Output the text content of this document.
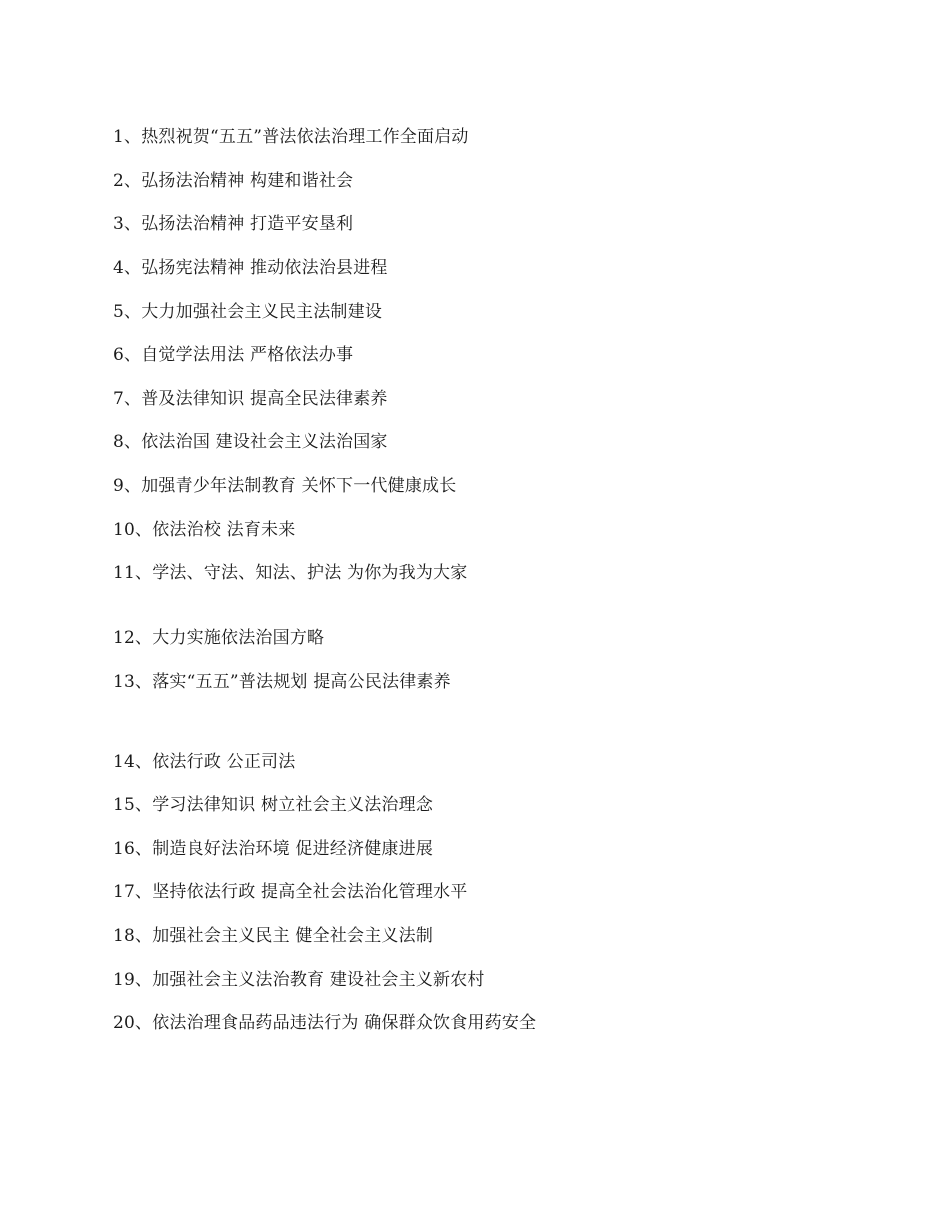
1、热烈祝贺“五五”普法依法治理工作全面启动
2、弘扬法治精神 构建和谐社会
3、弘扬法治精神 打造平安垦利
4、弘扬宪法精神 推动依法治县进程
5、大力加强社会主义民主法制建设
6、自觉学法用法 严格依法办事
7、普及法律知识 提高全民法律素养
8、依法治国 建设社会主义法治国家
9、加强青少年法制教育 关怀下一代健康成长
10、依法治校 法育未来
11、学法、守法、知法、护法 为你为我为大家
12、大力实施依法治国方略
13、落实“五五”普法规划 提高公民法律素养
14、依法行政 公正司法
15、学习法律知识 树立社会主义法治理念
16、制造良好法治环境 促进经济健康进展
17、坚持依法行政 提高全社会法治化管理水平
18、加强社会主义民主 健全社会主义法制
19、加强社会主义法治教育 建设社会主义新农村
20、依法治理食品药品违法行为 确保群众饮食用药安全
